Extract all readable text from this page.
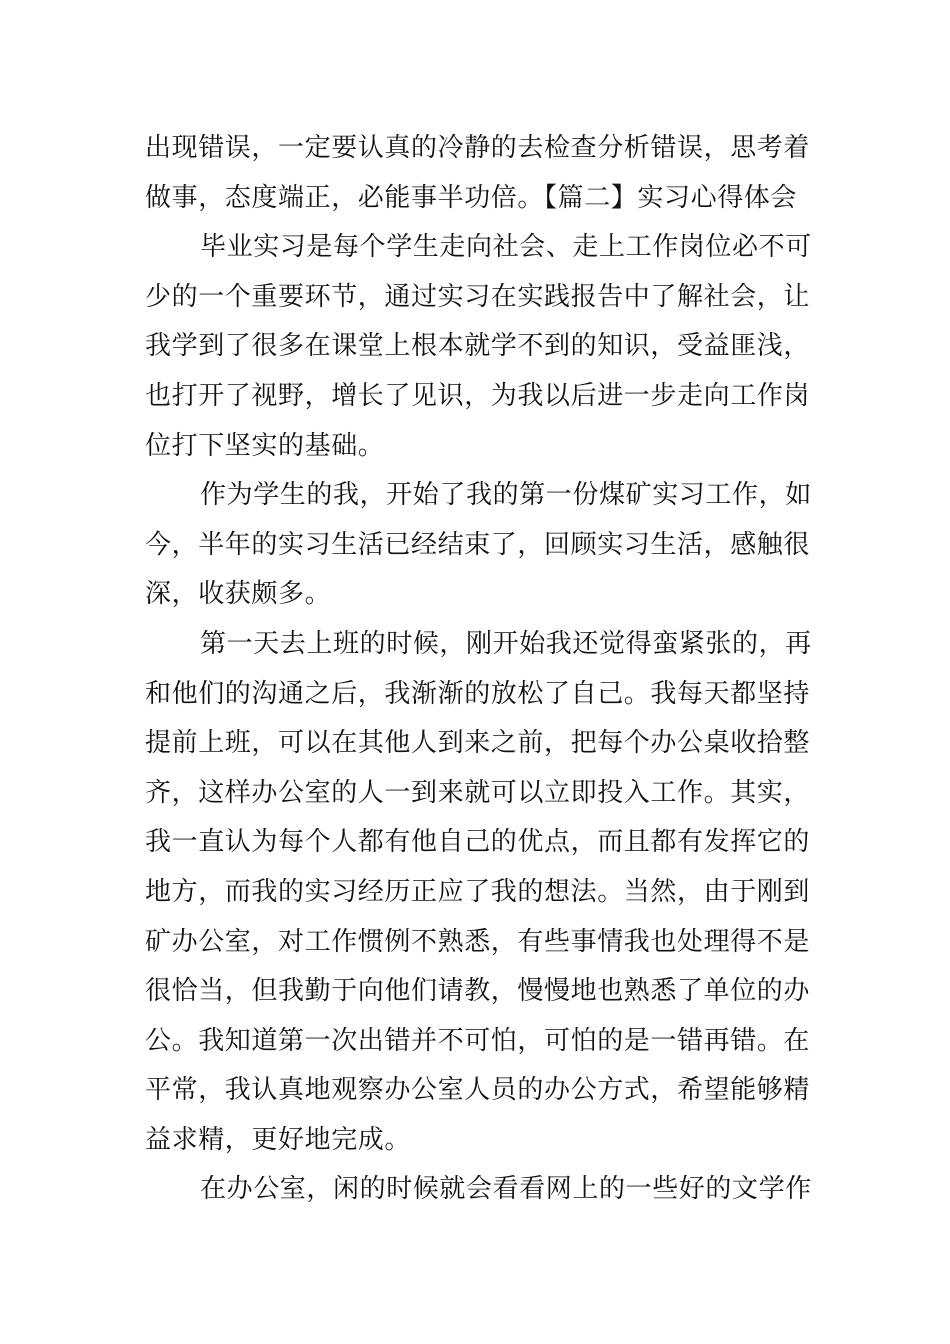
出现错误，一定要认真的冷静的去检查分析错误，思考着
做事，态度端正，必能事半功倍。【篇二】实习心得体会
毕业实习是每个学生走向社会、走上工作岗位必不可
少的一个重要环节，通过实习在实践报告中了解社会，让
我学到了很多在课堂上根本就学不到的知识，受益匪浅，
也打开了视野，增长了见识，为我以后进一步走向工作岗
位打下坚实的基础。
作为学生的我，开始了我的第一份煤矿实习工作，如
今，半年的实习生活已经结束了，回顾实习生活，感触很
深，收获颇多。
第一天去上班的时候，刚开始我还觉得蛮紧张的，再
和他们的沟通之后，我渐渐的放松了自己。我每天都坚持
提前上班，可以在其他人到来之前，把每个办公桌收拾整
齐，这样办公室的人一到来就可以立即投入工作。其实，
我一直认为每个人都有他自己的优点，而且都有发挥它的
地方，而我的实习经历正应了我的想法。当然，由于刚到
矿办公室，对工作惯例不熟悉，有些事情我也处理得不是
很恰当，但我勤于向他们请教，慢慢地也熟悉了单位的办
公。我知道第一次出错并不可怕，可怕的是一错再错。在
平常，我认真地观察办公室人员的办公方式，希望能够精
益求精，更好地完成。
在办公室，闲的时候就会看看网上的一些好的文学作
